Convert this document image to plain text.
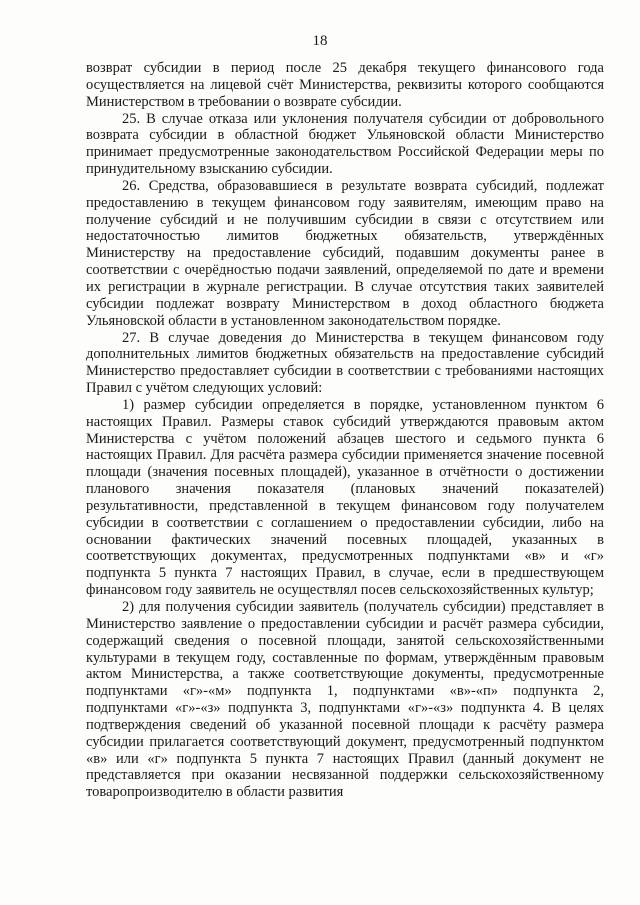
18

возврат субсидии в период после 25 декабря текущего финансового года осуществляется на лицевой счёт Министерства, реквизиты которого сообщаются Министерством в требовании о возврате субсидии.

25. В случае отказа или уклонения получателя субсидии от добровольного возврата субсидии в областной бюджет Ульяновской области Министерство принимает предусмотренные законодательством Российской Федерации меры по принудительному взысканию субсидии.

26. Средства, образовавшиеся в результате возврата субсидий, подлежат предоставлению в текущем финансовом году заявителям, имеющим право на получение субсидий и не получившим субсидии в связи с отсутствием или недостаточностью лимитов бюджетных обязательств, утверждённых Министерству на предоставление субсидий, подавшим документы ранее в соответствии с очерёдностью подачи заявлений, определяемой по дате и времени их регистрации в журнале регистрации. В случае отсутствия таких заявителей субсидии подлежат возврату Министерством в доход областного бюджета Ульяновской области в установленном законодательством порядке.

27. В случае доведения до Министерства в текущем финансовом году дополнительных лимитов бюджетных обязательств на предоставление субсидий Министерство предоставляет субсидии в соответствии с требованиями настоящих Правил с учётом следующих условий:

1) размер субсидии определяется в порядке, установленном пунктом 6 настоящих Правил. Размеры ставок субсидий утверждаются правовым актом Министерства с учётом положений абзацев шестого и седьмого пункта 6 настоящих Правил. Для расчёта размера субсидии применяется значение посевной площади (значения посевных площадей), указанное в отчётности о достижении планового значения показателя (плановых значений показателей) результативности, представленной в текущем финансовом году получателем субсидии в соответствии с соглашением о предоставлении субсидии, либо на основании фактических значений посевных площадей, указанных в соответствующих документах, предусмотренных подпунктами «в» и «г» подпункта 5 пункта 7 настоящих Правил, в случае, если в предшествующем финансовом году заявитель не осуществлял посев сельскохозяйственных культур;

2) для получения субсидии заявитель (получатель субсидии) представляет в Министерство заявление о предоставлении субсидии и расчёт размера субсидии, содержащий сведения о посевной площади, занятой сельскохозяйственными культурами в текущем году, составленные по формам, утверждённым правовым актом Министерства, а также соответствующие документы, предусмотренные подпунктами «г»-«м» подпункта 1, подпунктами «в»-«п» подпункта 2, подпунктами «г»-«з» подпункта 3, подпунктами «г»-«з» подпункта 4. В целях подтверждения сведений об указанной посевной площади к расчёту размера субсидии прилагается соответствующий документ, предусмотренный подпунктом «в» или «г» подпункта 5 пункта 7 настоящих Правил (данный документ не представляется при оказании несвязанной поддержки сельскохозяйственному товаропроизводителю в области развития
